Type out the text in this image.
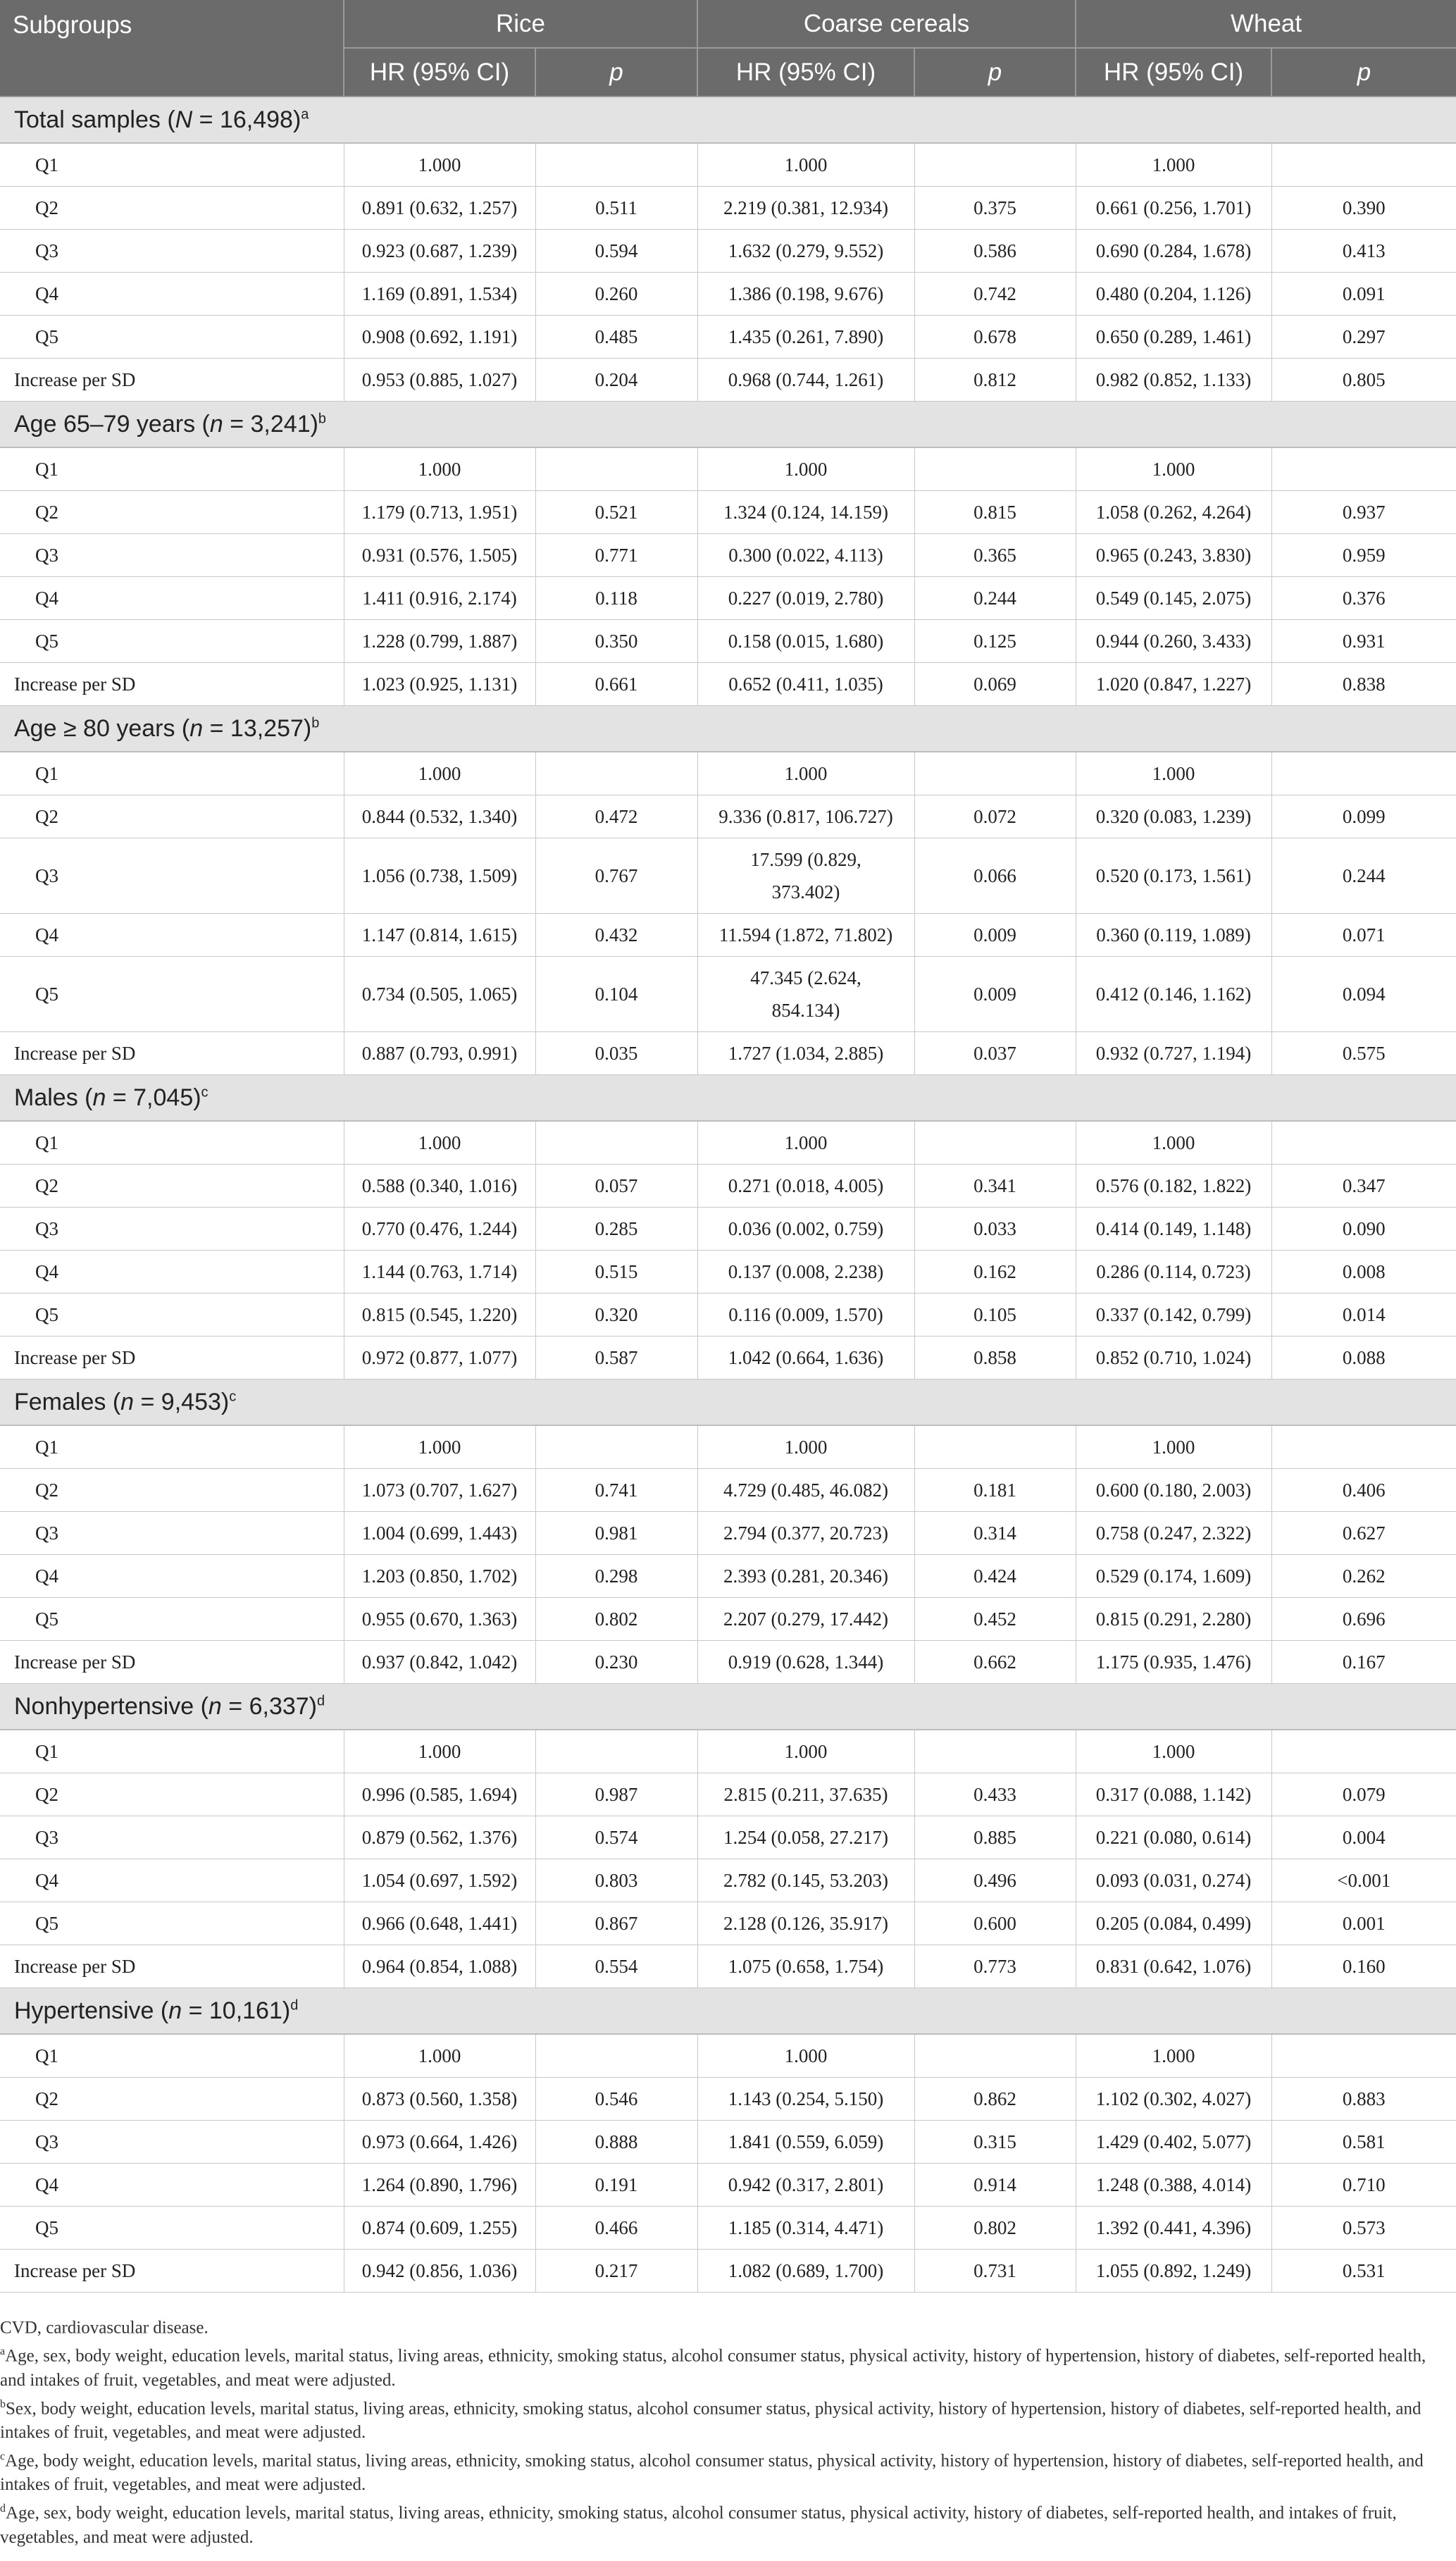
Subgroups	Rice		Coarse cereals		Wheat	
	HR (95% CI)	p	HR (95% CI)	p	HR (95% CI)	p
Total samples (N = 16,498)$^a$
Q1	1.000		1.000		1.000	
Q2	0.891 (0.632, 1.257)	0.511	2.219 (0.381, 12.934)	0.375	0.661 (0.256, 1.701)	0.390
Q3	0.923 (0.687, 1.239)	0.594	1.632 (0.279, 9.552)	0.586	0.690 (0.284, 1.678)	0.413
Q4	1.169 (0.891, 1.534)	0.260	1.386 (0.198, 9.676)	0.742	0.480 (0.204, 1.126)	0.091
Q5	0.908 (0.692, 1.191)	0.485	1.435 (0.261, 7.890)	0.678	0.650 (0.289, 1.461)	0.297
Increase per SD	0.953 (0.885, 1.027)	0.204	0.968 (0.744, 1.261)	0.812	0.982 (0.852, 1.133)	0.805
Age 65–79 years (n = 3,241)$^b$
Q1	1.000		1.000		1.000	
Q2	1.179 (0.713, 1.951)	0.521	1.324 (0.124, 14.159)	0.815	1.058 (0.262, 4.264)	0.937
Q3	0.931 (0.576, 1.505)	0.771	0.300 (0.022, 4.113)	0.365	0.965 (0.243, 3.830)	0.959
Q4	1.411 (0.916, 2.174)	0.118	0.227 (0.019, 2.780)	0.244	0.549 (0.145, 2.075)	0.376
Q5	1.228 (0.799, 1.887)	0.350	0.158 (0.015, 1.680)	0.125	0.944 (0.260, 3.433)	0.931
Increase per SD	1.023 (0.925, 1.131)	0.661	0.652 (0.411, 1.035)	0.069	1.020 (0.847, 1.227)	0.838
Age ≥ 80 years (n = 13,257)$^b$
Q1	1.000		1.000		1.000	
Q2	0.844 (0.532, 1.340)	0.472	9.336 (0.817, 106.727)	0.072	0.320 (0.083, 1.239)	0.099
Q3	1.056 (0.738, 1.509)	0.767	17.599 (0.829, 373.402)	0.066	0.520 (0.173, 1.561)	0.244
Q4	1.147 (0.814, 1.615)	0.432	11.594 (1.872, 71.802)	0.009	0.360 (0.119, 1.089)	0.071
Q5	0.734 (0.505, 1.065)	0.104	47.345 (2.624, 854.134)	0.009	0.412 (0.146, 1.162)	0.094
Increase per SD	0.887 (0.793, 0.991)	0.035	1.727 (1.034, 2.885)	0.037	0.932 (0.727, 1.194)	0.575
Males (n = 7,045)$^c$
Q1	1.000		1.000		1.000	
Q2	0.588 (0.340, 1.016)	0.057	0.271 (0.018, 4.005)	0.341	0.576 (0.182, 1.822)	0.347
Q3	0.770 (0.476, 1.244)	0.285	0.036 (0.002, 0.759)	0.033	0.414 (0.149, 1.148)	0.090
Q4	1.144 (0.763, 1.714)	0.515	0.137 (0.008, 2.238)	0.162	0.286 (0.114, 0.723)	0.008
Q5	0.815 (0.545, 1.220)	0.320	0.116 (0.009, 1.570)	0.105	0.337 (0.142, 0.799)	0.014
Increase per SD	0.972 (0.877, 1.077)	0.587	1.042 (0.664, 1.636)	0.858	0.852 (0.710, 1.024)	0.088
Females (n = 9,453)$^c$
Q1	1.000		1.000		1.000	
Q2	1.073 (0.707, 1.627)	0.741	4.729 (0.485, 46.082)	0.181	0.600 (0.180, 2.003)	0.406
Q3	1.004 (0.699, 1.443)	0.981	2.794 (0.377, 20.723)	0.314	0.758 (0.247, 2.322)	0.627
Q4	1.203 (0.850, 1.702)	0.298	2.393 (0.281, 20.346)	0.424	0.529 (0.174, 1.609)	0.262
Q5	0.955 (0.670, 1.363)	0.802	2.207 (0.279, 17.442)	0.452	0.815 (0.291, 2.280)	0.696
Increase per SD	0.937 (0.842, 1.042)	0.230	0.919 (0.628, 1.344)	0.662	1.175 (0.935, 1.476)	0.167
Nonhypertensive (n = 6,337)$^d$
Q1	1.000		1.000		1.000	
Q2	0.996 (0.585, 1.694)	0.987	2.815 (0.211, 37.635)	0.433	0.317 (0.088, 1.142)	0.079
Q3	0.879 (0.562, 1.376)	0.574	1.254 (0.058, 27.217)	0.885	0.221 (0.080, 0.614)	0.004
Q4	1.054 (0.697, 1.592)	0.803	2.782 (0.145, 53.203)	0.496	0.093 (0.031, 0.274)	<0.001
Q5	0.966 (0.648, 1.441)	0.867	2.128 (0.126, 35.917)	0.600	0.205 (0.084, 0.499)	0.001
Increase per SD	0.964 (0.854, 1.088)	0.554	1.075 (0.658, 1.754)	0.773	0.831 (0.642, 1.076)	0.160
Hypertensive (n = 10,161)$^d$
Q1	1.000		1.000		1.000	
Q2	0.873 (0.560, 1.358)	0.546	1.143 (0.254, 5.150)	0.862	1.102 (0.302, 4.027)	0.883
Q3	0.973 (0.664, 1.426)	0.888	1.841 (0.559, 6.059)	0.315	1.429 (0.402, 5.077)	0.581
Q4	1.264 (0.890, 1.796)	0.191	0.942 (0.317, 2.801)	0.914	1.248 (0.388, 4.014)	0.710
Q5	0.874 (0.609, 1.255)	0.466	1.185 (0.314, 4.471)	0.802	1.392 (0.441, 4.396)	0.573
Increase per SD	0.942 (0.856, 1.036)	0.217	1.082 (0.689, 1.700)	0.731	1.055 (0.892, 1.249)	0.531

CVD, cardiovascular disease.

$^a$Age, sex, body weight, education levels, marital status, living areas, ethnicity, smoking status, alcohol consumer status, physical activity, history of hypertension, history of diabetes, self-reported health, and intakes of fruit, vegetables, and meat were adjusted.

$^b$Sex, body weight, education levels, marital status, living areas, ethnicity, smoking status, alcohol consumer status, physical activity, history of hypertension, history of diabetes, self-reported health, and intakes of fruit, vegetables, and meat were adjusted.

$^c$Age, body weight, education levels, marital status, living areas, ethnicity, smoking status, alcohol consumer status, physical activity, history of hypertension, history of diabetes, self-reported health, and intakes of fruit, vegetables, and meat were adjusted.

$^d$Age, sex, body weight, education levels, marital status, living areas, ethnicity, smoking status, alcohol consumer status, physical activity, history of diabetes, self-reported health, and intakes of fruit, vegetables, and meat were adjusted.
